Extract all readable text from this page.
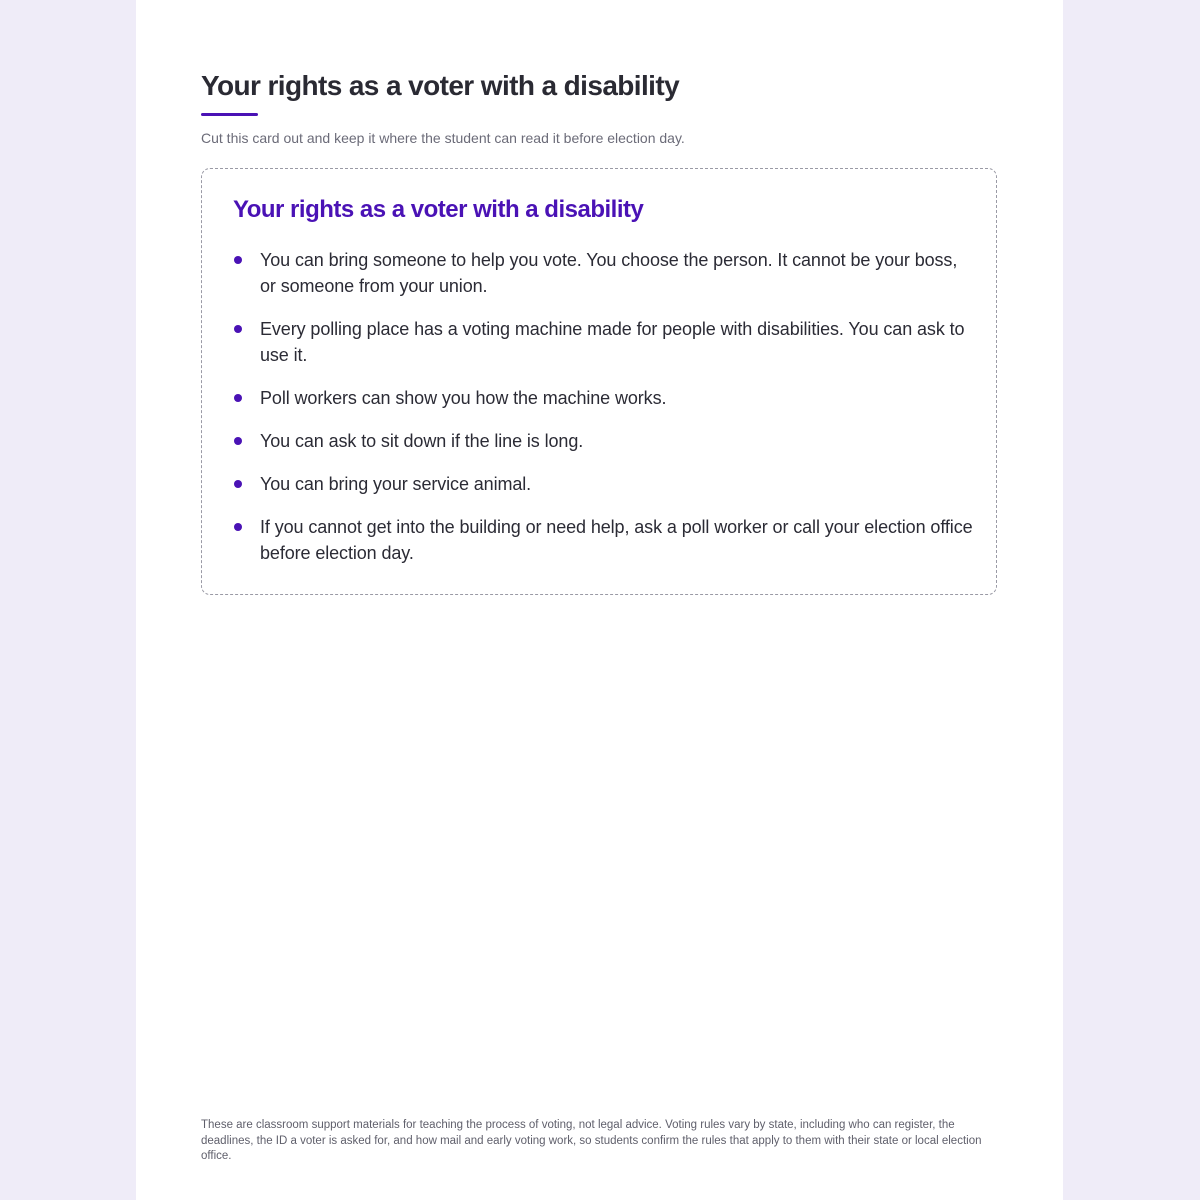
Your rights as a voter with a disability

Cut this card out and keep it where the student can read it before election day.

Your rights as a voter with a disability
You can bring someone to help you vote. You choose the person. It cannot be your boss, or someone from your union.
Every polling place has a voting machine made for people with disabilities. You can ask to use it.
Poll workers can show you how the machine works.
You can ask to sit down if the line is long.
You can bring your service animal.
If you cannot get into the building or need help, ask a poll worker or call your election office before election day.

These are classroom support materials for teaching the process of voting, not legal advice. Voting rules vary by state, including who can register, the deadlines, the ID a voter is asked for, and how mail and early voting work, so students confirm the rules that apply to them with their state or local election office.
